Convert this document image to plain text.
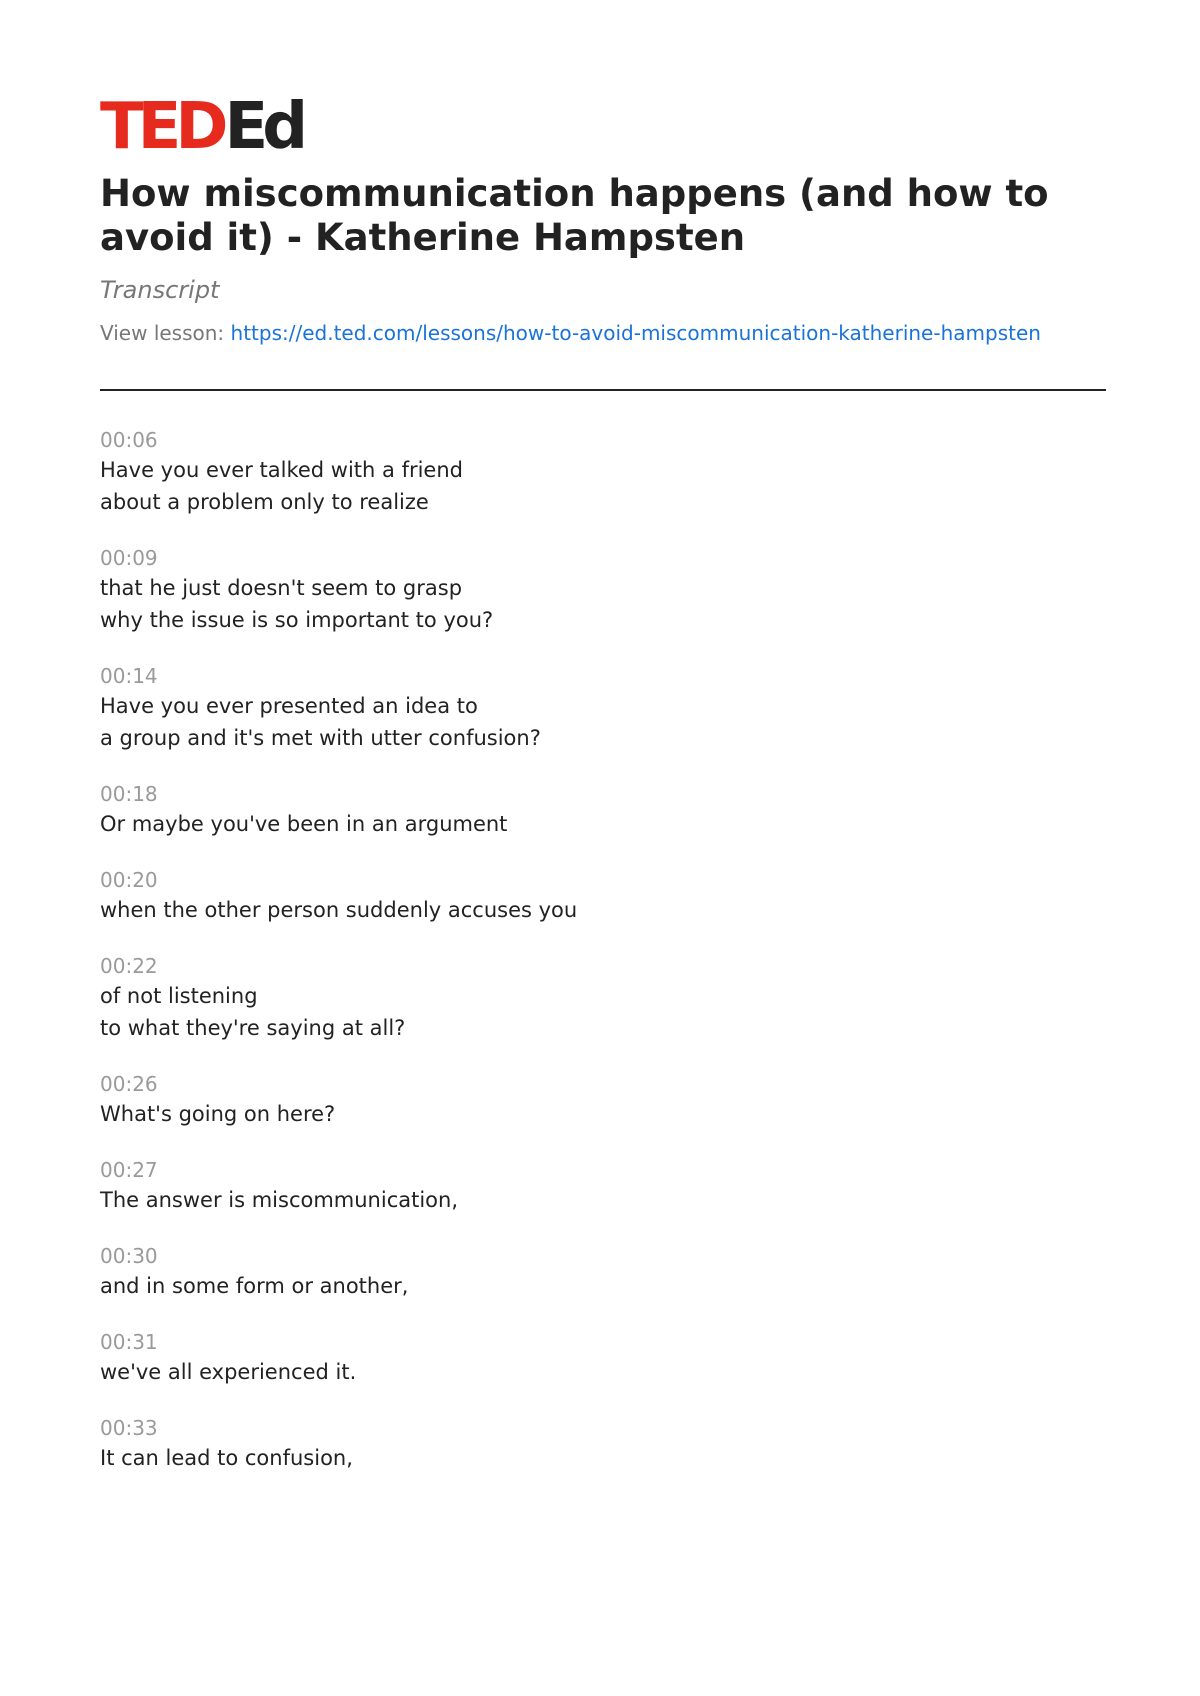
TED Ed
How miscommunication happens (and how to avoid it) - Katherine Hampsten
Transcript
View lesson: https://ed.ted.com/lessons/how-to-avoid-miscommunication-katherine-hampsten
00:06
Have you ever talked with a friend
about a problem only to realize
00:09
that he just doesn't seem to grasp
why the issue is so important to you?
00:14
Have you ever presented an idea to
a group and it's met with utter confusion?
00:18
Or maybe you've been in an argument
00:20
when the other person suddenly accuses you
00:22
of not listening
to what they're saying at all?
00:26
What's going on here?
00:27
The answer is miscommunication,
00:30
and in some form or another,
00:31
we've all experienced it.
00:33
It can lead to confusion,
